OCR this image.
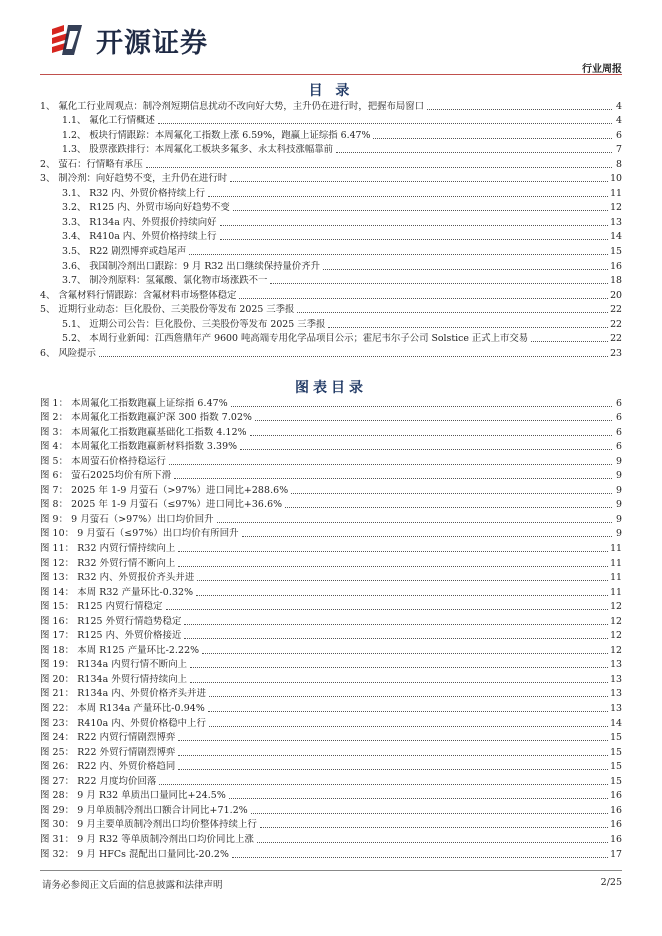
开源证券
行业周报
目 录
1、 氟化工行业周观点：制冷剂短期信息扰动不改向好大势，主升仍在进行时，把握布局窗口	4
1.1、 氟化工行情概述	4
1.2、 板块行情跟踪：本周氟化工指数上涨 6.59%，跑赢上证综指 6.47%	6
1.3、 股票涨跌排行：本周氟化工板块多氟多、永太科技涨幅靠前	7
2、 萤石：行情略有承压	8
3、 制冷剂：向好趋势不变，主升仍在进行时	10
3.1、 R32 内、外贸价格持续上行	11
3.2、 R125 内、外贸市场向好趋势不变	12
3.3、 R134a 内、外贸报价持续向好	13
3.4、 R410a 内、外贸价格持续上行	14
3.5、 R22 剧烈博弈或趋尾声	15
3.6、 我国制冷剂出口跟踪：9 月 R32 出口继续保持量价齐升	16
3.7、 制冷剂原料：氢氟酸、氯化物市场涨跌不一	18
4、 含氟材料行情跟踪：含氟材料市场整体稳定	20
5、 近期行业动态：巨化股份、三美股份等发布 2025 三季报	22
5.1、 近期公司公告：巨化股份、三美股份等发布 2025 三季报	22
5.2、 本周行业新闻：江西詹鼎年产 9600 吨高端专用化学品项目公示；霍尼韦尔子公司 Solstice 正式上市交易	22
6、 风险提示	23
图表目录
图 1： 本周氟化工指数跑赢上证综指 6.47%	6
图 2： 本周氟化工指数跑赢沪深 300 指数 7.02%	6
图 3： 本周氟化工指数跑赢基础化工指数 4.12%	6
图 4： 本周氟化工指数跑赢新材料指数 3.39%	6
图 5： 本周萤石价格持稳运行	9
图 6： 萤石2025均价有所下滑	9
图 7： 2025 年 1-9 月萤石（>97%）进口同比+288.6%	9
图 8： 2025 年 1-9 月萤石（≤97%）进口同比+36.6%	9
图 9： 9 月萤石（>97%）出口均价回升	9
图 10： 9 月萤石（≤97%）出口均价有所回升	9
图 11： R32 内贸行情持续向上	11
图 12： R32 外贸行情不断向上	11
图 13： R32 内、外贸报价齐头并进	11
图 14： 本周 R32 产量环比-0.32%	11
图 15： R125 内贸行情稳定	12
图 16： R125 外贸行情趋势稳定	12
图 17： R125 内、外贸价格接近	12
图 18： 本周 R125 产量环比-2.22%	12
图 19： R134a 内贸行情不断向上	13
图 20： R134a 外贸行情持续向上	13
图 21： R134a 内、外贸价格齐头并进	13
图 22： 本周 R134a 产量环比-0.94%	13
图 23： R410a 内、外贸价格稳中上行	14
图 24： R22 内贸行情剧烈博弈	15
图 25： R22 外贸行情剧烈博弈	15
图 26： R22 内、外贸价格趋同	15
图 27： R22 月度均价回落	15
图 28： 9 月 R32 单质出口量同比+24.5%	16
图 29： 9 月单质制冷剂出口额合计同比+71.2%	16
图 30： 9 月主要单质制冷剂出口均价整体持续上行	16
图 31： 9 月 R32 等单质制冷剂出口均价同比上涨	16
图 32： 9 月 HFCs 混配出口量同比-20.2%	17
请务必参阅正文后面的信息披露和法律声明	2/25
